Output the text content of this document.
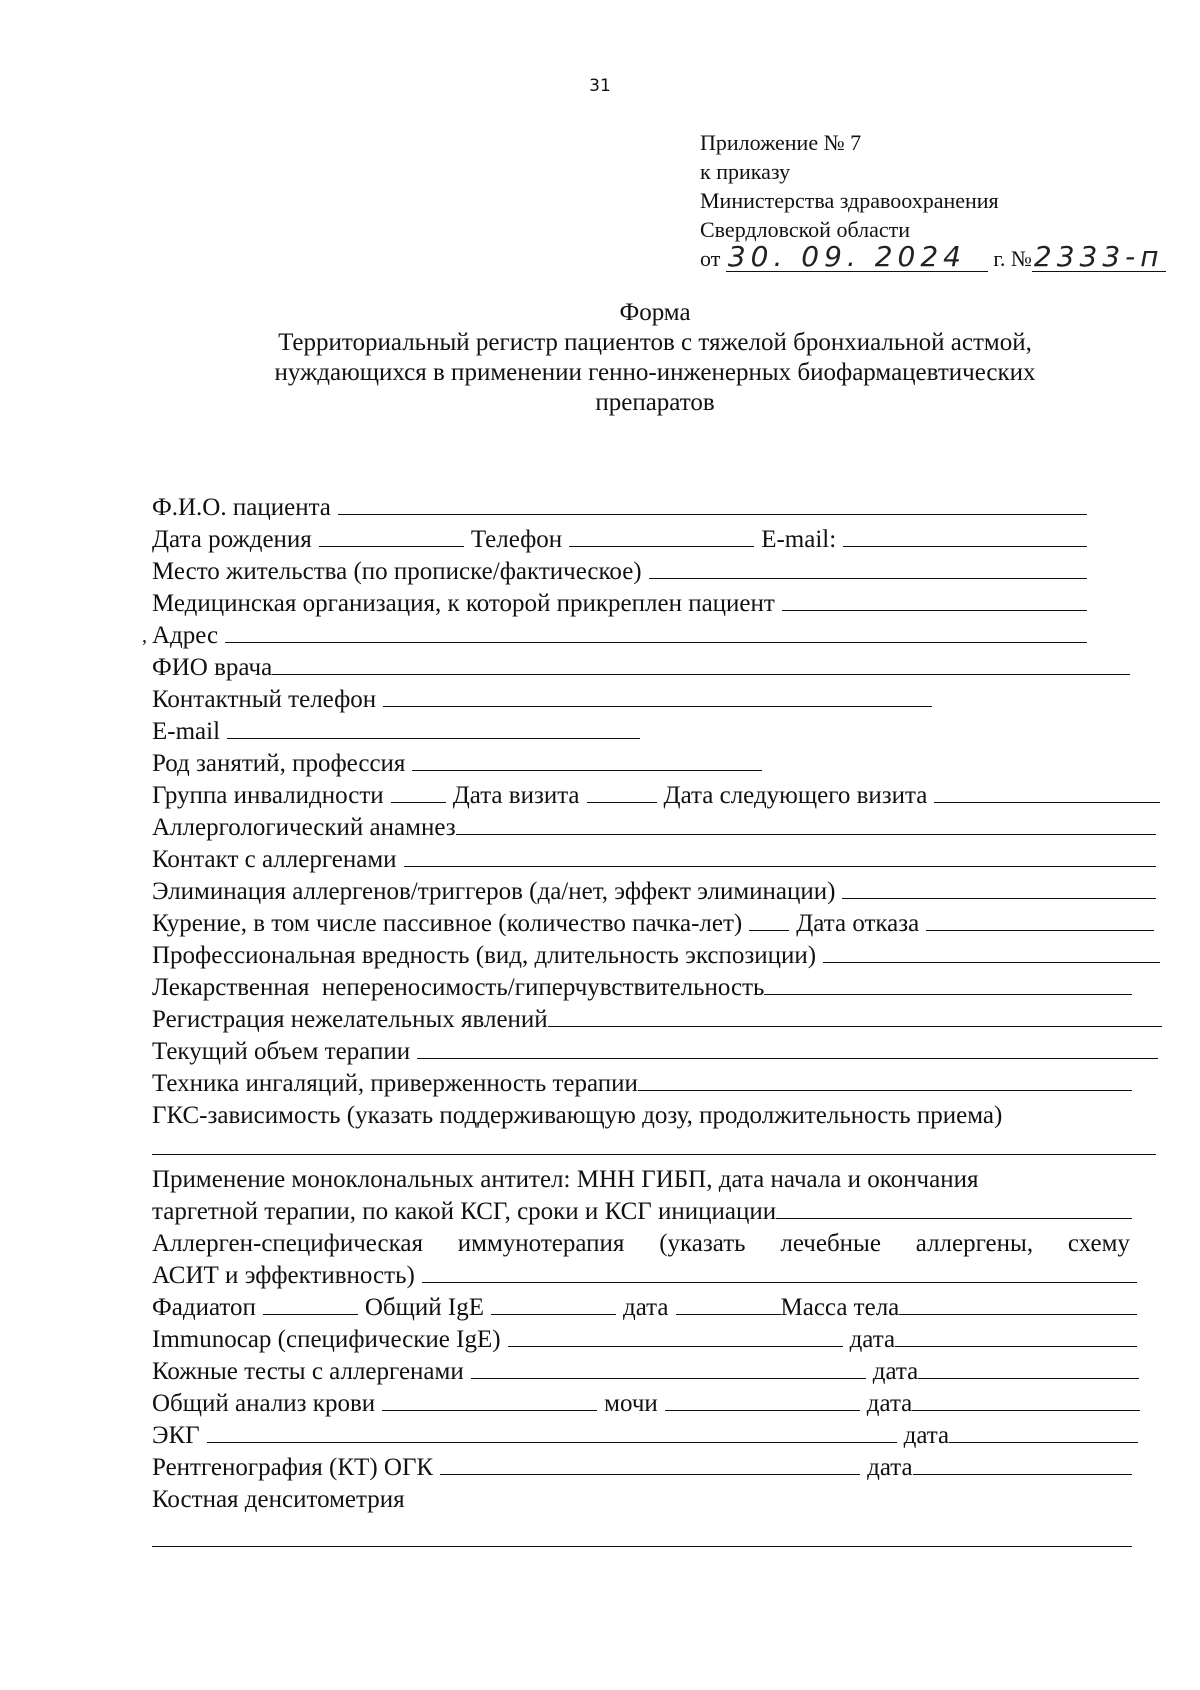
31
Приложение № 7
к приказу
Министерства здравоохранения
Свердловской области
от 30. 09. 2024 г. №2333-п
Форма
Территориальный регистр пациентов с тяжелой бронхиальной астмой,
нуждающихся в применении генно-инженерных биофармацевтических
препаратов
Ф.И.О. пациента
Дата рождения	Телефон	E-mail:
Место жительства (по прописке/фактическое)
Медицинская организация, к которой прикреплен пациент
, Адрес
ФИО врача
Контактный телефон
E-mail
Род занятий, профессия
Группа инвалидности	Дата визита	Дата следующего визита
Аллергологический анамнез
Контакт с аллергенами
Элиминация аллергенов/триггеров (да/нет, эффект элиминации)
Курение, в том числе пассивное (количество пачка-лет) Дата отказа
Профессиональная вредность (вид, длительность экспозиции)
Лекарственная  непереносимость/гиперчувствительность
Регистрация нежелательных явлений
Текущий объем терапии
Техника ингаляций, приверженность терапии
ГКС-зависимость (указать поддерживающую дозу, продолжительность приема)
Применение моноклональных антител: МНН ГИБП, дата начала и окончания
таргетной терапии, по какой КСГ, сроки и КСГ инициации
Аллерген-специфическая иммунотерапия (указать лечебные аллергены, схему
АСИТ и эффективность)
Фадиатоп	Общий IgE	дата	Масса тела
Immunocap (специфические IgE)	дата
Кожные тесты с аллергенами	дата
Общий анализ крови	мочи	дата
ЭКГ	дата
Рентгенография (КТ) ОГК	дата
Костная денситометрия
